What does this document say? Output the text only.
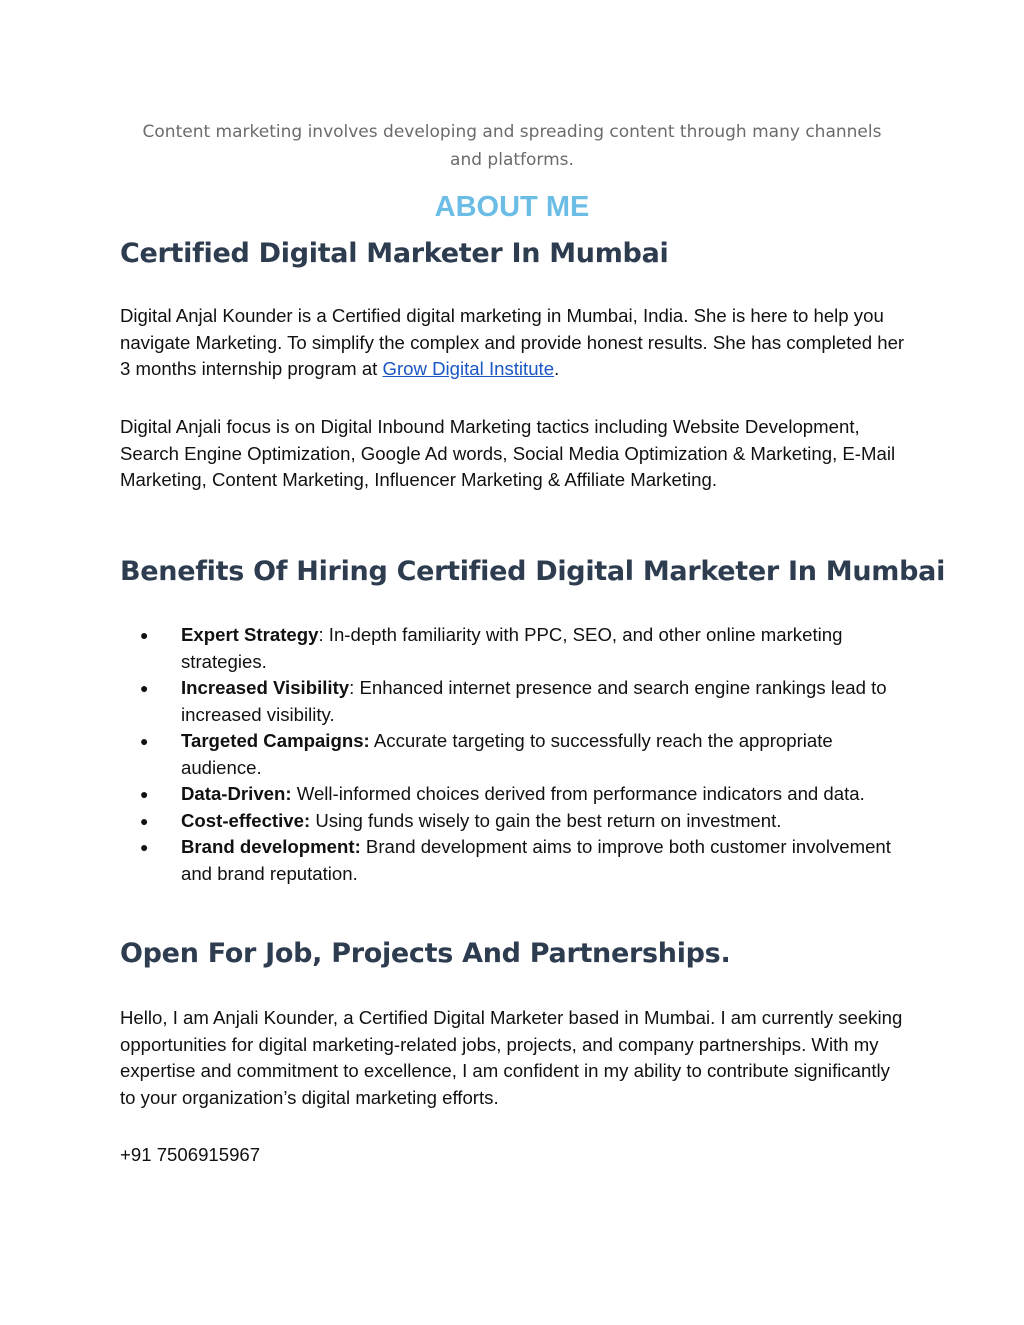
Content marketing involves developing and spreading content through many channels
and platforms.

ABOUT ME
Certified Digital Marketer In Mumbai

Digital Anjal Kounder is a Certified digital marketing in Mumbai, India. She is here to help you navigate Marketing. To simplify the complex and provide honest results. She has completed her 3 months internship program at Grow Digital Institute.

Digital Anjali focus is on Digital Inbound Marketing tactics including Website Development, Search Engine Optimization, Google Ad words, Social Media Optimization & Marketing, E-Mail Marketing, Content Marketing, Influencer Marketing & Affiliate Marketing.

Benefits Of Hiring Certified Digital Marketer In Mumbai
● Expert Strategy: In-depth familiarity with PPC, SEO, and other online marketing strategies.
● Increased Visibility: Enhanced internet presence and search engine rankings lead to increased visibility.
● Targeted Campaigns: Accurate targeting to successfully reach the appropriate audience.
● Data-Driven: Well-informed choices derived from performance indicators and data.
● Cost-effective: Using funds wisely to gain the best return on investment.
● Brand development: Brand development aims to improve both customer involvement and brand reputation.
Open For Job, Projects And Partnerships.

Hello, I am Anjali Kounder, a Certified Digital Marketer based in Mumbai. I am currently seeking opportunities for digital marketing-related jobs, projects, and company partnerships. With my expertise and commitment to excellence, I am confident in my ability to contribute significantly to your organization’s digital marketing efforts.

+91 7506915967
